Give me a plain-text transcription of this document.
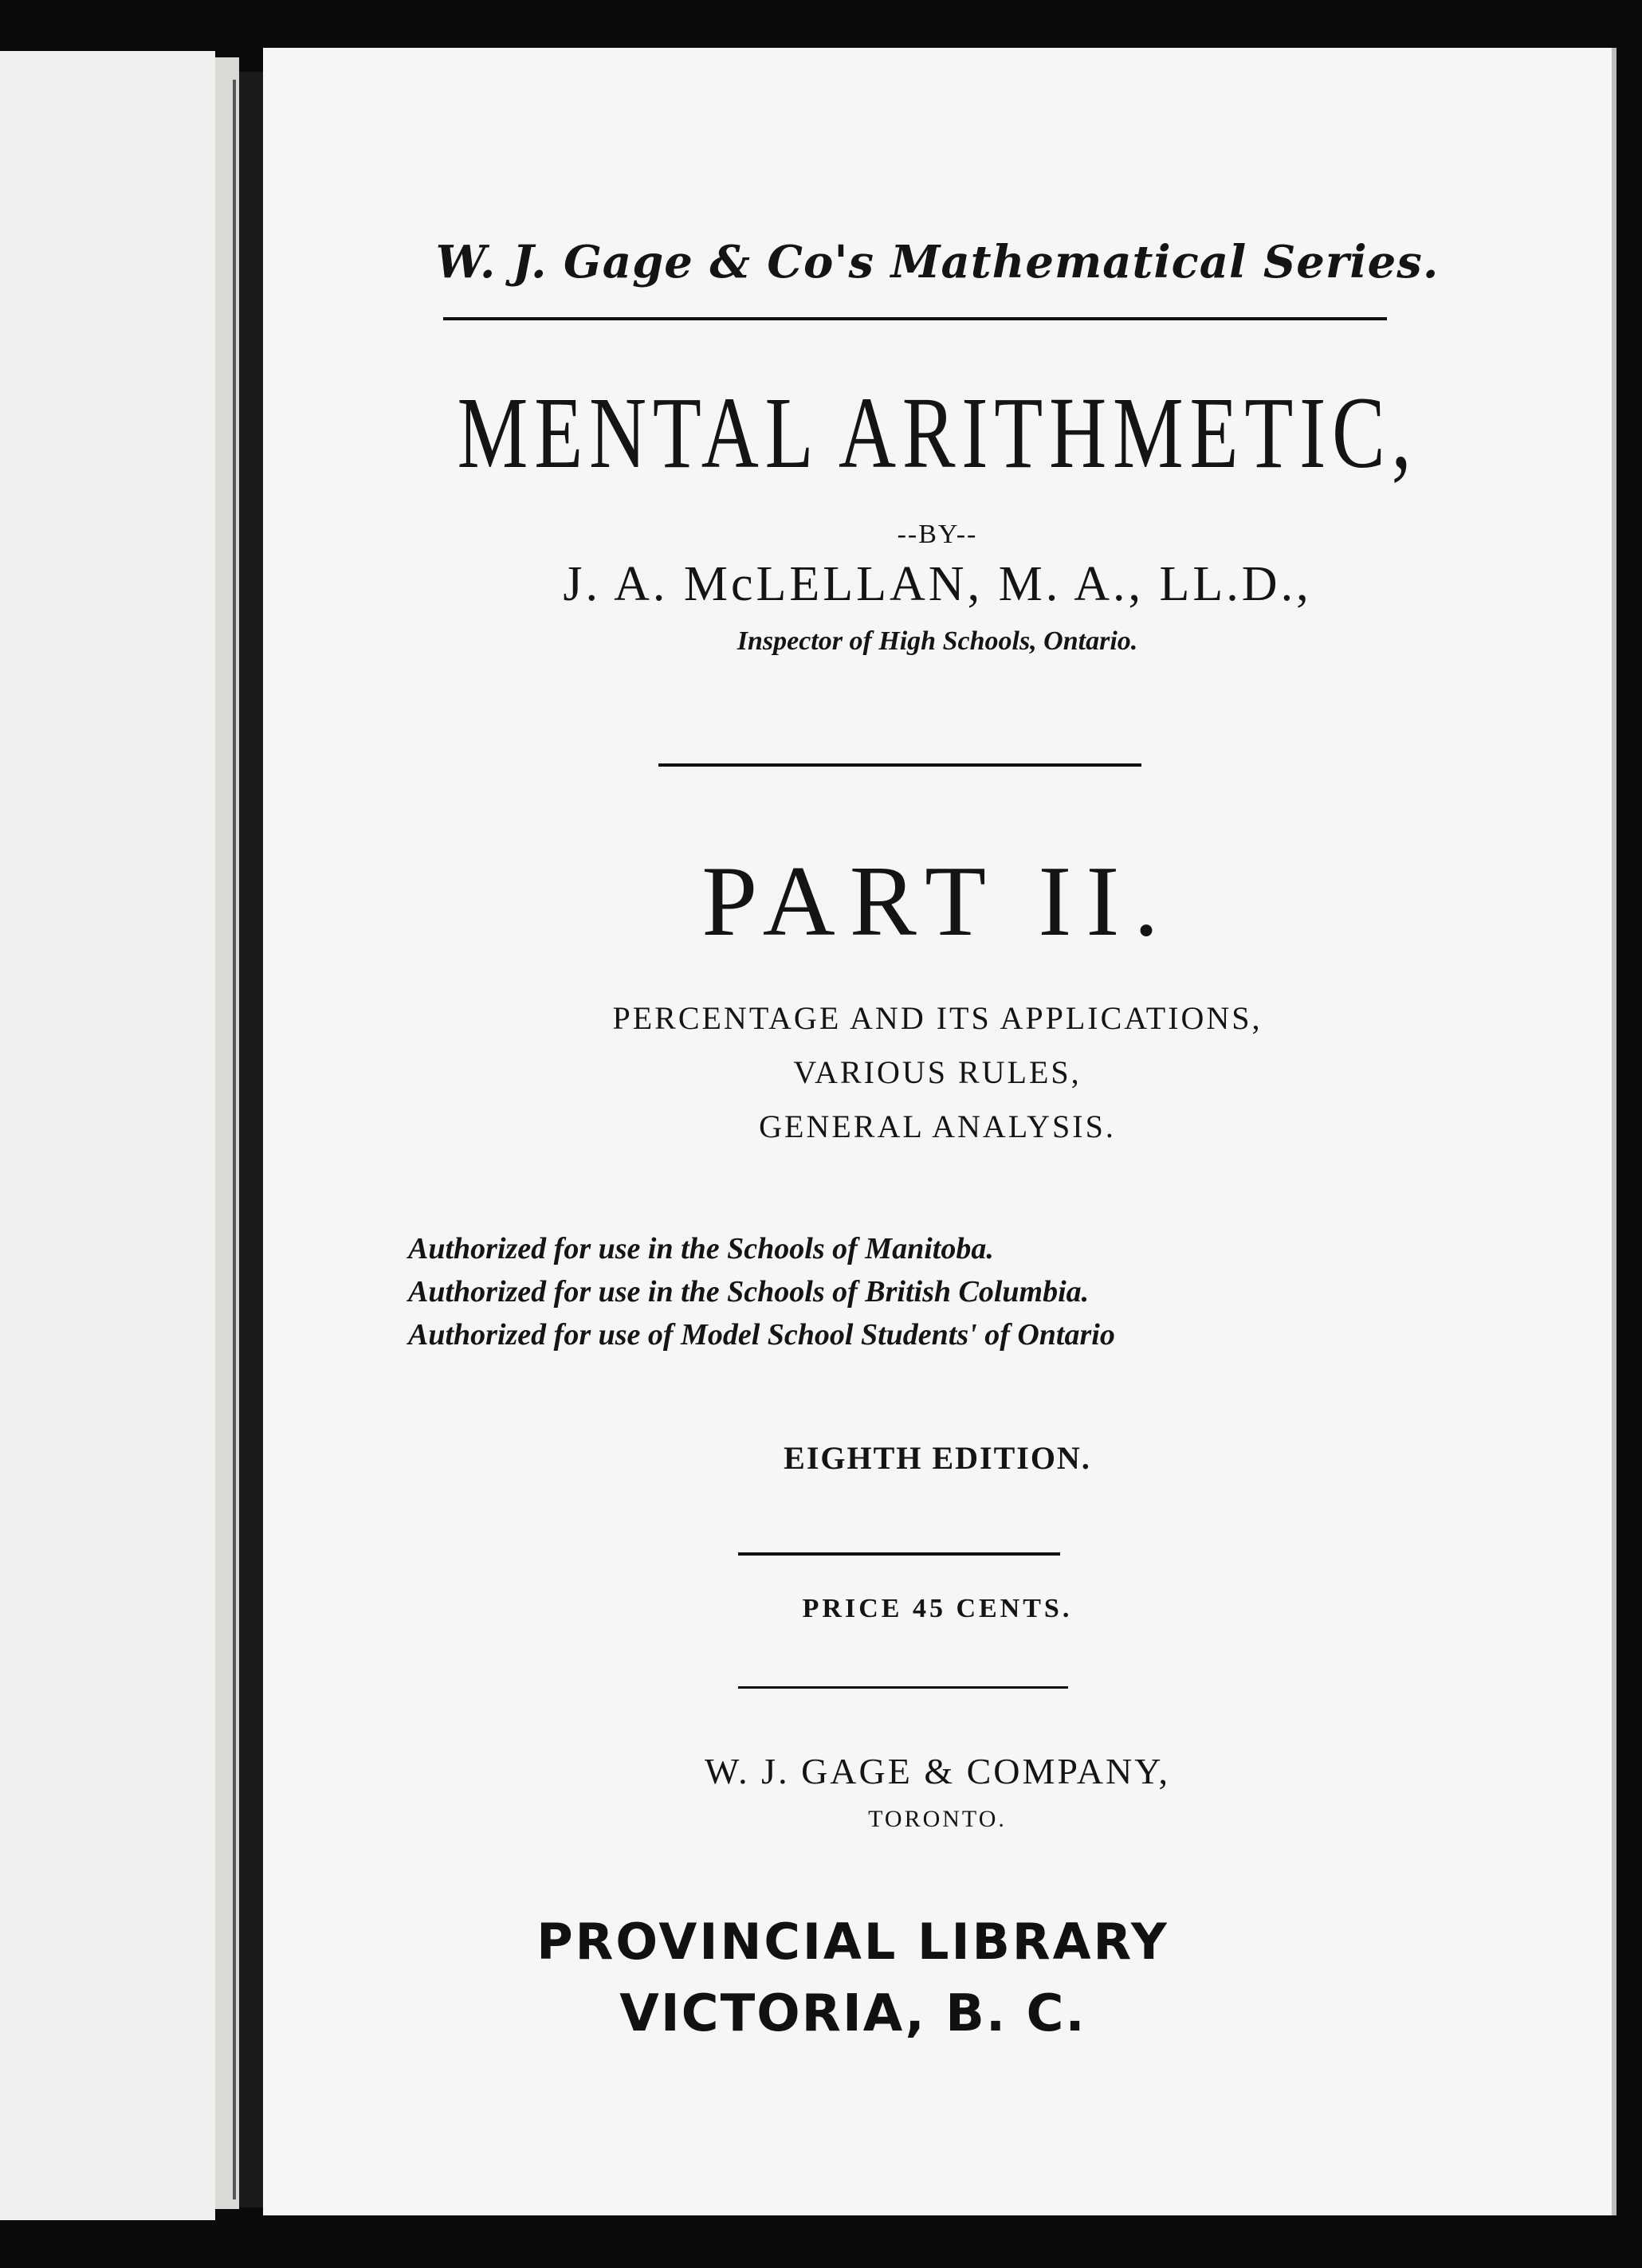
W. J. Gage & Co's Mathematical Series.

MENTAL ARITHMETIC,

--BY--

J. A. McLELLAN, M. A., LL.D.,

Inspector of High Schools, Ontario.

PART II.

PERCENTAGE AND ITS APPLICATIONS,

VARIOUS RULES,

GENERAL ANALYSIS.

Authorized for use in the Schools of Manitoba.
Authorized for use in the Schools of British Columbia.
Authorized for use of Model School Students' of Ontario

EIGHTH EDITION.

PRICE 45 CENTS.

W. J. GAGE & COMPANY,

TORONTO.

PROVINCIAL LIBRARY

VICTORIA, B. C.
